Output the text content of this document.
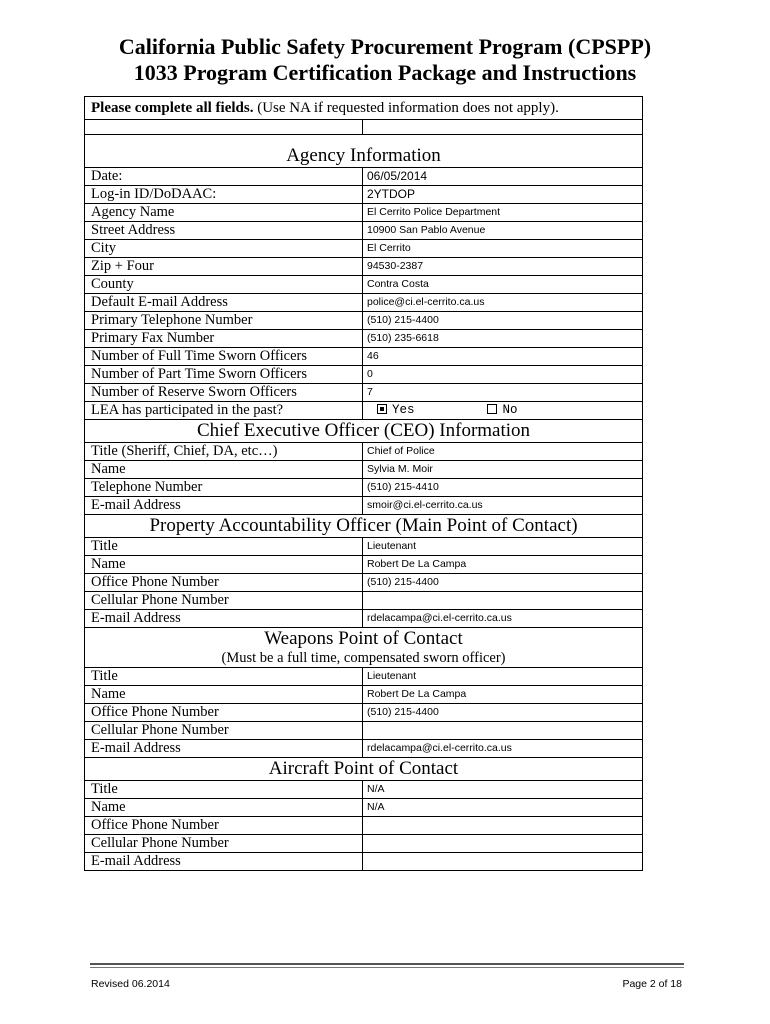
California Public Safety Procurement Program (CPSPP)
1033 Program Certification Package and Instructions
Please complete all fields. (Use NA if requested information does not apply).	

Agency Information	
Date:	06/05/2014
Log-in ID/DoDAAC:	2YTDOP
Agency Name	El Cerrito Police Department
Street Address	10900 San Pablo Avenue
City	El Cerrito
Zip + Four	94530-2387
County	Contra Costa
Default E-mail Address	police@ci.el-cerrito.ca.us
Primary Telephone Number	(510) 215-4400
Primary Fax Number	(510) 235-6618
Number of Full Time Sworn Officers	46
Number of Part Time Sworn Officers	0
Number of Reserve Sworn Officers	7
LEA has participated in the past?	Yes No
Chief Executive Officer (CEO) Information	
Title (Sheriff, Chief, DA, etc…)	Chief of Police
Name	Sylvia M. Moir
Telephone Number	(510) 215-4410
E-mail Address	smoir@ci.el-cerrito.ca.us
Property Accountability Officer (Main Point of Contact)	
Title	Lieutenant
Name	Robert De La Campa
Office Phone Number	(510) 215-4400
Cellular Phone Number	
E-mail Address	rdelacampa@ci.el-cerrito.ca.us
Weapons Point of Contact	
(Must be a full time, compensated sworn officer)	
Title	Lieutenant
Name	Robert De La Campa
Office Phone Number	(510) 215-4400
Cellular Phone Number	
E-mail Address	rdelacampa@ci.el-cerrito.ca.us
Aircraft Point of Contact	
Title	N/A
Name	N/A
Office Phone Number	
Cellular Phone Number	
E-mail Address	
Revised 06.2014	Page 2 of 18
